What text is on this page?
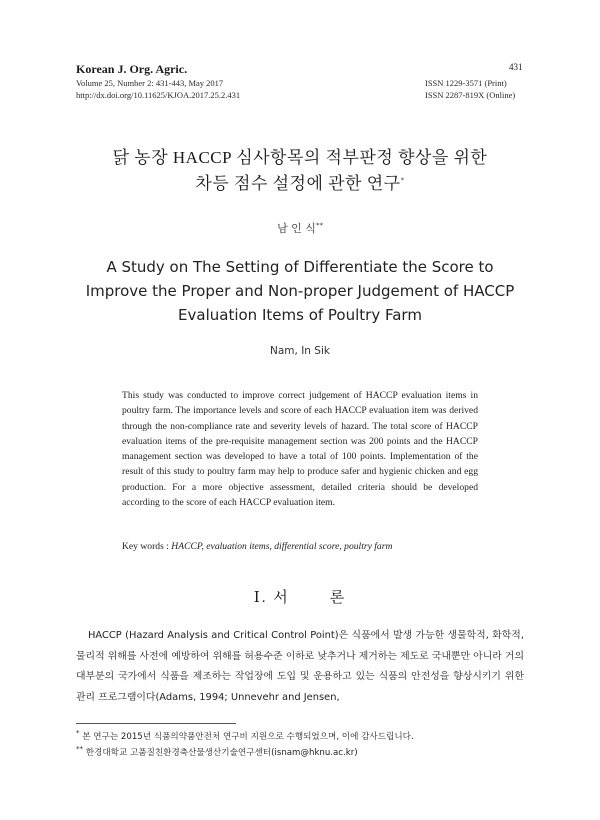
Korean J. Org. Agric.
Volume 25, Number 2: 431-443, May 2017
http://dx.doi.org/10.11625/KJOA.2017.25.2.431
431
ISSN 1229-3571 (Print)
ISSN 2287-819X (Online)
닭 농장 HACCP 심사항목의 적부판정 향상을 위한
차등 점수 설정에 관한 연구*
남 인 식**
A Study on The Setting of Differentiate the Score to
Improve the Proper and Non-proper Judgement of HACCP
Evaluation Items of Poultry Farm
Nam, In Sik
This study was conducted to improve correct judgement of HACCP evaluation items in poultry farm. The importance levels and score of each HACCP evaluation item was derived through the non-compliance rate and severity levels of hazard. The total score of HACCP evaluation items of the pre-requisite management section was 200 points and the HACCP management section was developed to have a total of 100 points. Implementation of the result of this study to poultry farm may help to produce safer and hygienic chicken and egg production. For a more objective assessment, detailed criteria should be developed according to the score of each HACCP evaluation item.
Key words : HACCP, evaluation items, differential score, poultry farm
Ⅰ. 서	론
HACCP (Hazard Analysis and Critical Control Point)은 식품에서 발생 가능한 생물학적, 화학적, 물리적 위해를 사전에 예방하여 위해를 허용수준 이하로 낮추거나 제거하는 제도로 국내뿐만 아니라 거의 대부분의 국가에서 식품을 제조하는 작업장에 도입 및 운용하고 있는 식품의 안전성을 향상시키기 위한 관리 프로그램이다(Adams, 1994; Unnevehr and Jensen,
* 본 연구는 2015년 식품의약품안전처 연구비 지원으로 수행되었으며, 이에 감사드립니다.
** 한경대학교 고품질친환경축산물생산기술연구센터(isnam@hknu.ac.kr)
